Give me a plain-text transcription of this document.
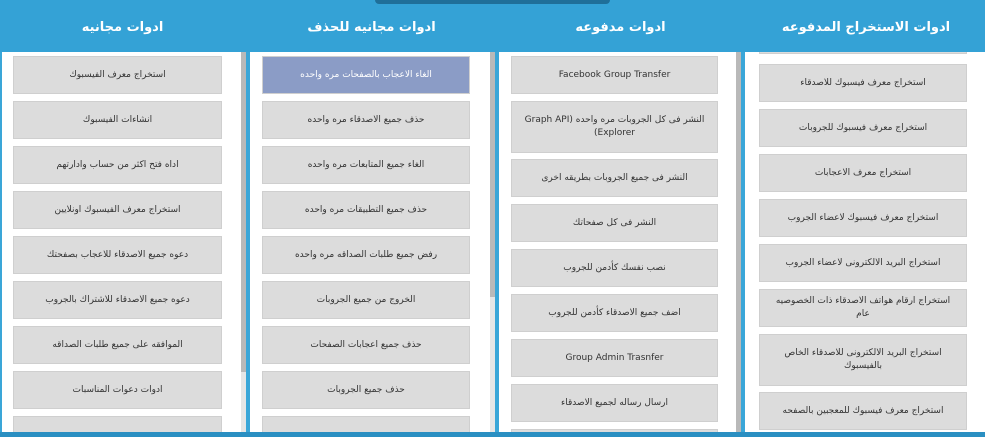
ادوات مجانيه	ادوات مجانيه للحذف	ادوات مدفوعه	ادوات الاستخراج المدفوعه
استخراج معرف الفيسبوك
انشاءات الفيسبوك
اداه فتح اكثر من حساب وادارتهم
استخراج معرف الفيسبوك اونلايين
دعوه جميع الاصدقاء للاعجاب بصفحتك
دعوه جميع الاصدقاء للاشتراك بالجروب
الموافقه على جميع طلبات الصداقه
ادوات دعوات المناسبات
الغاء الاعجاب بالصفحات مره واحده
حذف جميع الاصدقاء مره واحده
الغاء جميع المتابعات مره واحده
حذف جميع التطبيقات مره واحده
رفض جميع طلبات الصداقه مره واحده
الخروج من جميع الجروبات
حذف جميع اعجابات الصفحات
حذف جميع الجروبات
Facebook Group Transfer
النشر فى كل الجروبات مره واحده (Graph API Explorer)
النشر فى جميع الجروبات بطريقه اخرى
النشر فى كل صفحاتك
نصب نفسك كأدمن للجروب
اضف جميع الاصدقاء كأدمن للجروب
Group Admin Trasnfer
ارسال رساله لجميع الاصدقاء
استخراج معرف فيسبوك للاصدقاء
استخراج معرف فيسبوك للجروبات
استخراج معرف الاعجابات
استخراج معرف فيسبوك لاعضاء الجروب
استخراج البريد الالكترونى لاعضاء الجروب
استخراج ارقام هواتف الاصدقاء ذات الخصوصيه عام
استخراج البريد الالكترونى للاصدقاء الخاص بالفيسبوك
استخراج معرف فيسبوك للمعجبين بالصفحه
